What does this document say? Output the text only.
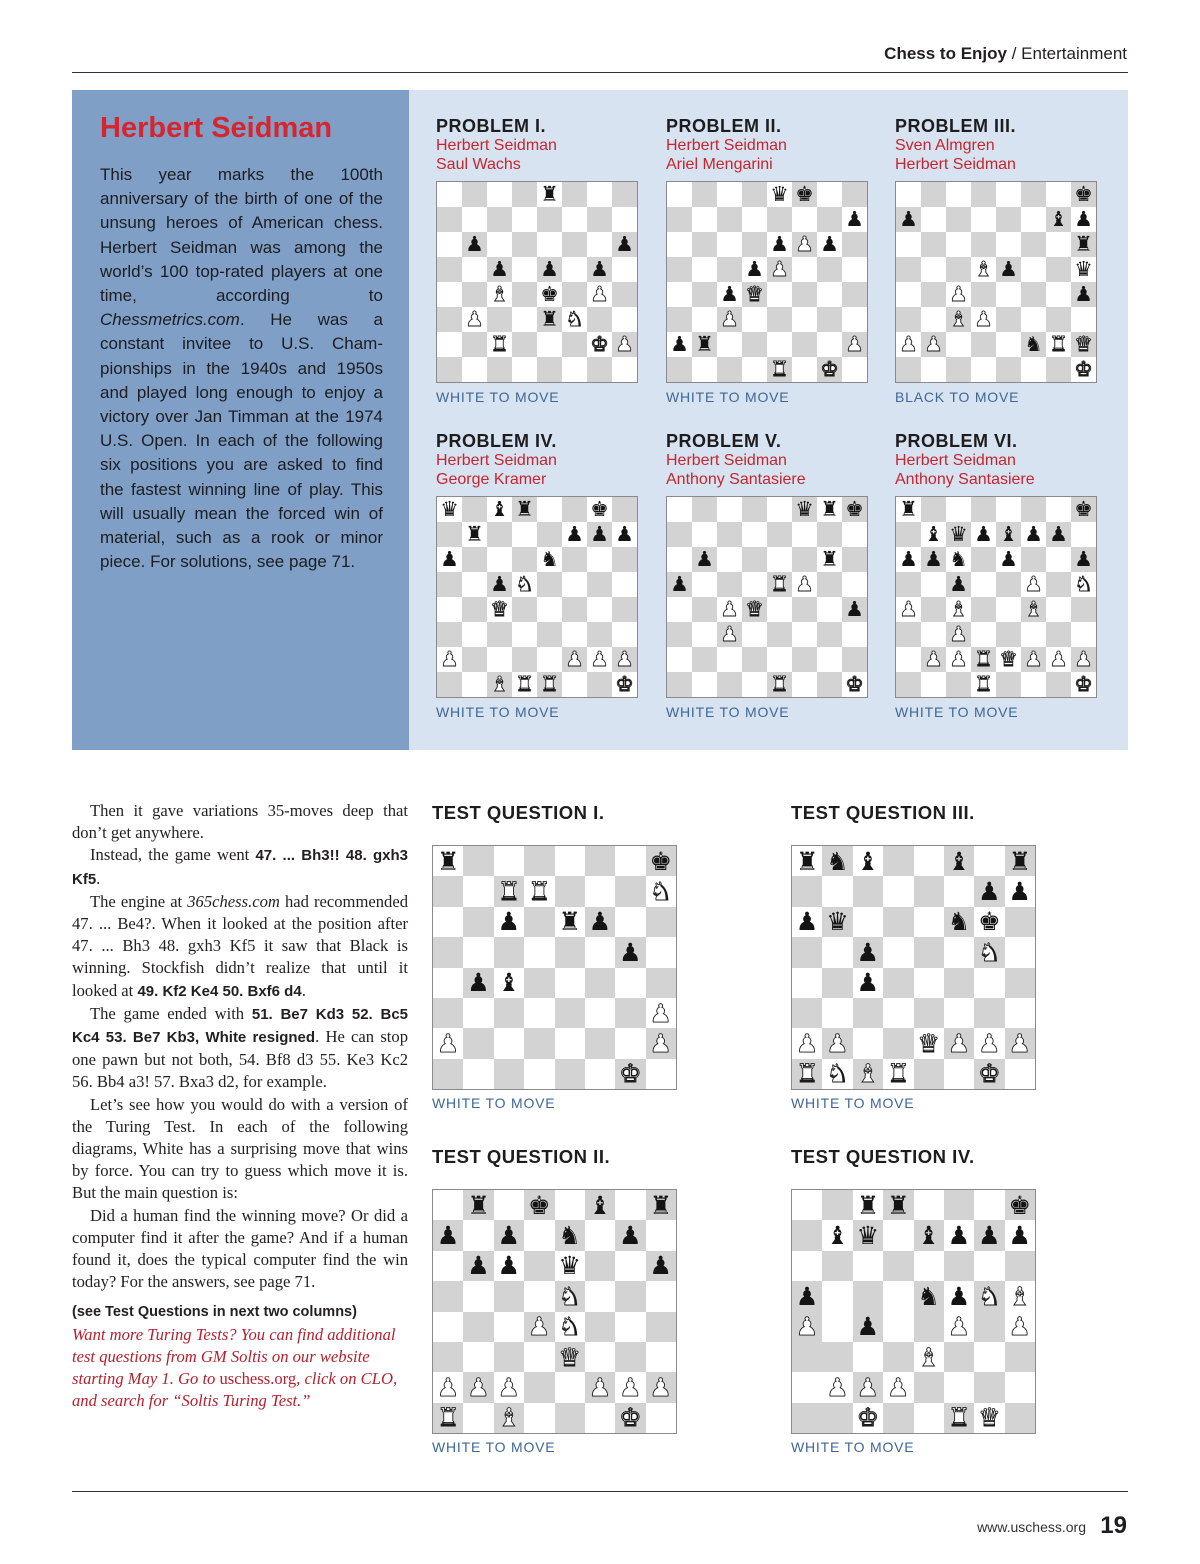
Chess to Enjoy / Entertainment
Herbert Seidman
This year marks the 100th anniversary of the birth of one of the unsung heroes of American chess. Herbert Seidman was among the world’s 100 top-rated players at one time, according to Chessmetrics.com. He was a constant invitee to U.S. Championships in the 1940s and 1950s and played long enough to enjoy a victory over Jan Timman at the 1974 U.S. Open. In each of the following six positions you are asked to find the fastest winning line of play. This will usually mean the forced win of material, such as a rook or minor piece. For solutions, see page 71.
PROBLEM I.
Herbert Seidman
Saul Wachs
♜
♟	♟
♟ ♟ ♟
♝ ♚ ♟
♟	♜ ♞
♜	♚ ♟
WHITE TO MOVE
PROBLEM II.
Herbert Seidman
Ariel Mengarini
♛ ♚
♟
♟ ♟ ♟
♟ ♟
♟ ♛
♟
♟ ♜	♟
♜ ♚
WHITE TO MOVE
PROBLEM III.
Sven Almgren
Herbert Seidman
♚
♟	♝ ♟
♜
♝ ♟	♛
♟	♟
♝ ♟
♟ ♟	♞ ♜ ♛
♚
BLACK TO MOVE
PROBLEM IV.
Herbert Seidman
George Kramer
♛ ♝ ♜	♚
♜	♟ ♟ ♟
♟	♞
♟ ♞
♛
♟	♟ ♟ ♟
♝ ♜ ♜	♚
WHITE TO MOVE
PROBLEM V.
Herbert Seidman
Anthony Santasiere
♛ ♜ ♚
♟	♜
♟	♜ ♟
♟ ♛	♟
♟
♜	♚
WHITE TO MOVE
PROBLEM VI.
Herbert Seidman
Anthony Santasiere
♜	♚
♝ ♛ ♟ ♝ ♟ ♟
♟ ♟ ♞ ♟	♟
♟	♟ ♞
♟ ♝	♝
♟
♟ ♟ ♜ ♛ ♟ ♟ ♟
♜	♚
WHITE TO MOVE

Then it gave variations 35-moves deep that don’t get anywhere.

Instead, the game went 47. ... Bh3!! 48. gxh3 Kf5.

The engine at 365chess.com had recommended 47. ... Be4?. When it looked at the position after 47. ... Bh3 48. gxh3 Kf5 it saw that Black is winning. Stockfish didn’t realize that until it looked at 49. Kf2 Ke4 50. Bxf6 d4.

The game ended with 51. Be7 Kd3 52. Bc5 Kc4 53. Be7 Kb3, White resigned. He can stop one pawn but not both, 54. Bf8 d3 55. Ke3 Kc2 56. Bb4 a3! 57. Bxa3 d2, for example.

Let’s see how you would do with a version of the Turing Test. In each of the following diagrams, White has a surprising move that wins by force. You can try to guess which move it is. But the main question is:

Did a human find the winning move? Or did a computer find it after the game? And if a human found it, does the typical computer find the win today? For the answers, see page 71.

(see Test Questions in next two columns)

Want more Turing Tests? You can find additional test questions from GM Soltis on our website starting May 1. Go to uschess.org, click on CLO, and search for “Soltis Turing Test.”

TEST QUESTION I.
♜	♚
♜ ♜	♞
♟ ♜ ♟
♟
♟ ♝
♟
♟	♟
♚
WHITE TO MOVE
TEST QUESTION II.
♜ ♚ ♝ ♜
♟ ♟ ♞ ♟
♟ ♟ ♛	♟
♞
♟ ♞
♛
♟ ♟ ♟	♟ ♟ ♟
♜ ♝	♚
WHITE TO MOVE
TEST QUESTION III.
♜ ♞ ♝	♝ ♜
♟ ♟
♟ ♛	♞ ♚
♟	♞
♟
♟ ♟	♛ ♟ ♟ ♟
♜ ♞ ♝ ♜	♚
WHITE TO MOVE
TEST QUESTION IV.
♜ ♜	♚
♝ ♛ ♝ ♟ ♟ ♟
♟	♞ ♟ ♞ ♝
♟ ♟	♟ ♟
♝
♟ ♟ ♟
♚	♜ ♛
WHITE TO MOVE
www.uschess.org 19
